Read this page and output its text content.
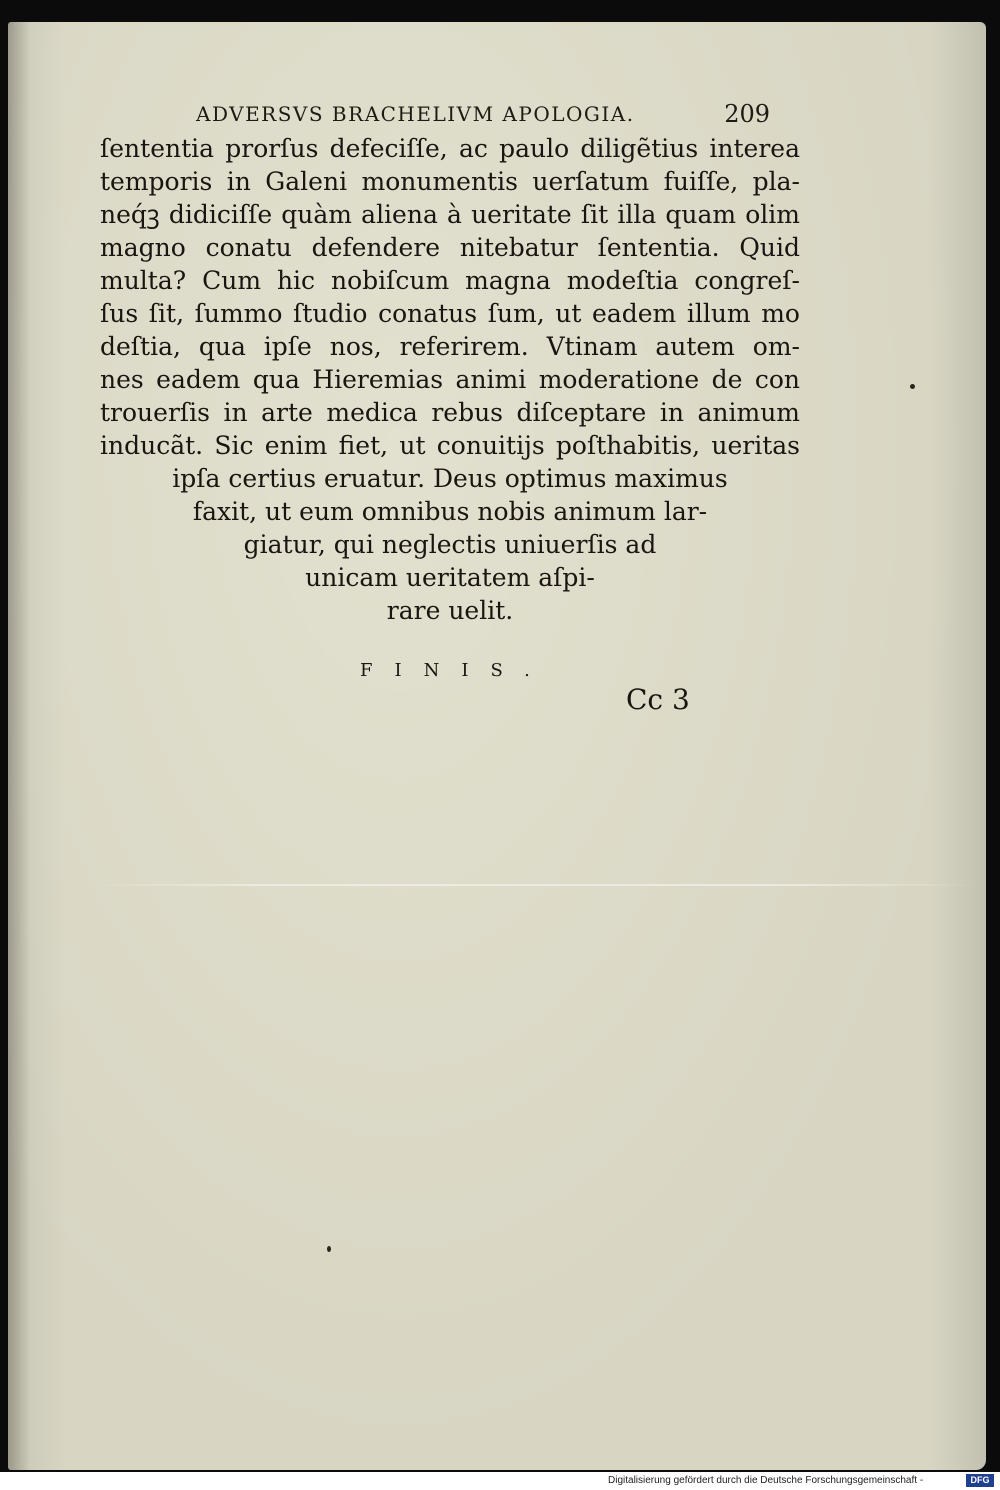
ADVERSVS BRACHELIVM APOLOGIA.	209
ſententia prorſus defeciſſe, ac paulo diligẽtius interea
temporis in Galeni monumentis uerſatum fuiſſe, pla-
neq́ꝫ didiciſſe quàm aliena à ueritate ſit illa quam olim
magno conatu defendere nitebatur ſententia. Quid
multa? Cum hic nobiſcum magna modeſtia congreſ-
ſus ſit, ſummo ſtudio conatus ſum, ut eadem illum mo
deſtia, qua ipſe nos, referirem. Vtinam autem om-
nes eadem qua Hieremias animi moderatione de con
trouerſis in arte medica rebus diſceptare in animum
inducãt. Sic enim fiet, ut conuitijs poſthabitis, ueritas
ipſa certius eruatur. Deus optimus maximus
faxit, ut eum omnibus nobis animum lar-
giatur, qui neglectis uniuerſis ad
unicam ueritatem aſpi-
rare uelit.
FINIS.
Cc 3
Digitalisierung gefördert durch die Deutsche Forschungsgemeinschaft -	DFG
